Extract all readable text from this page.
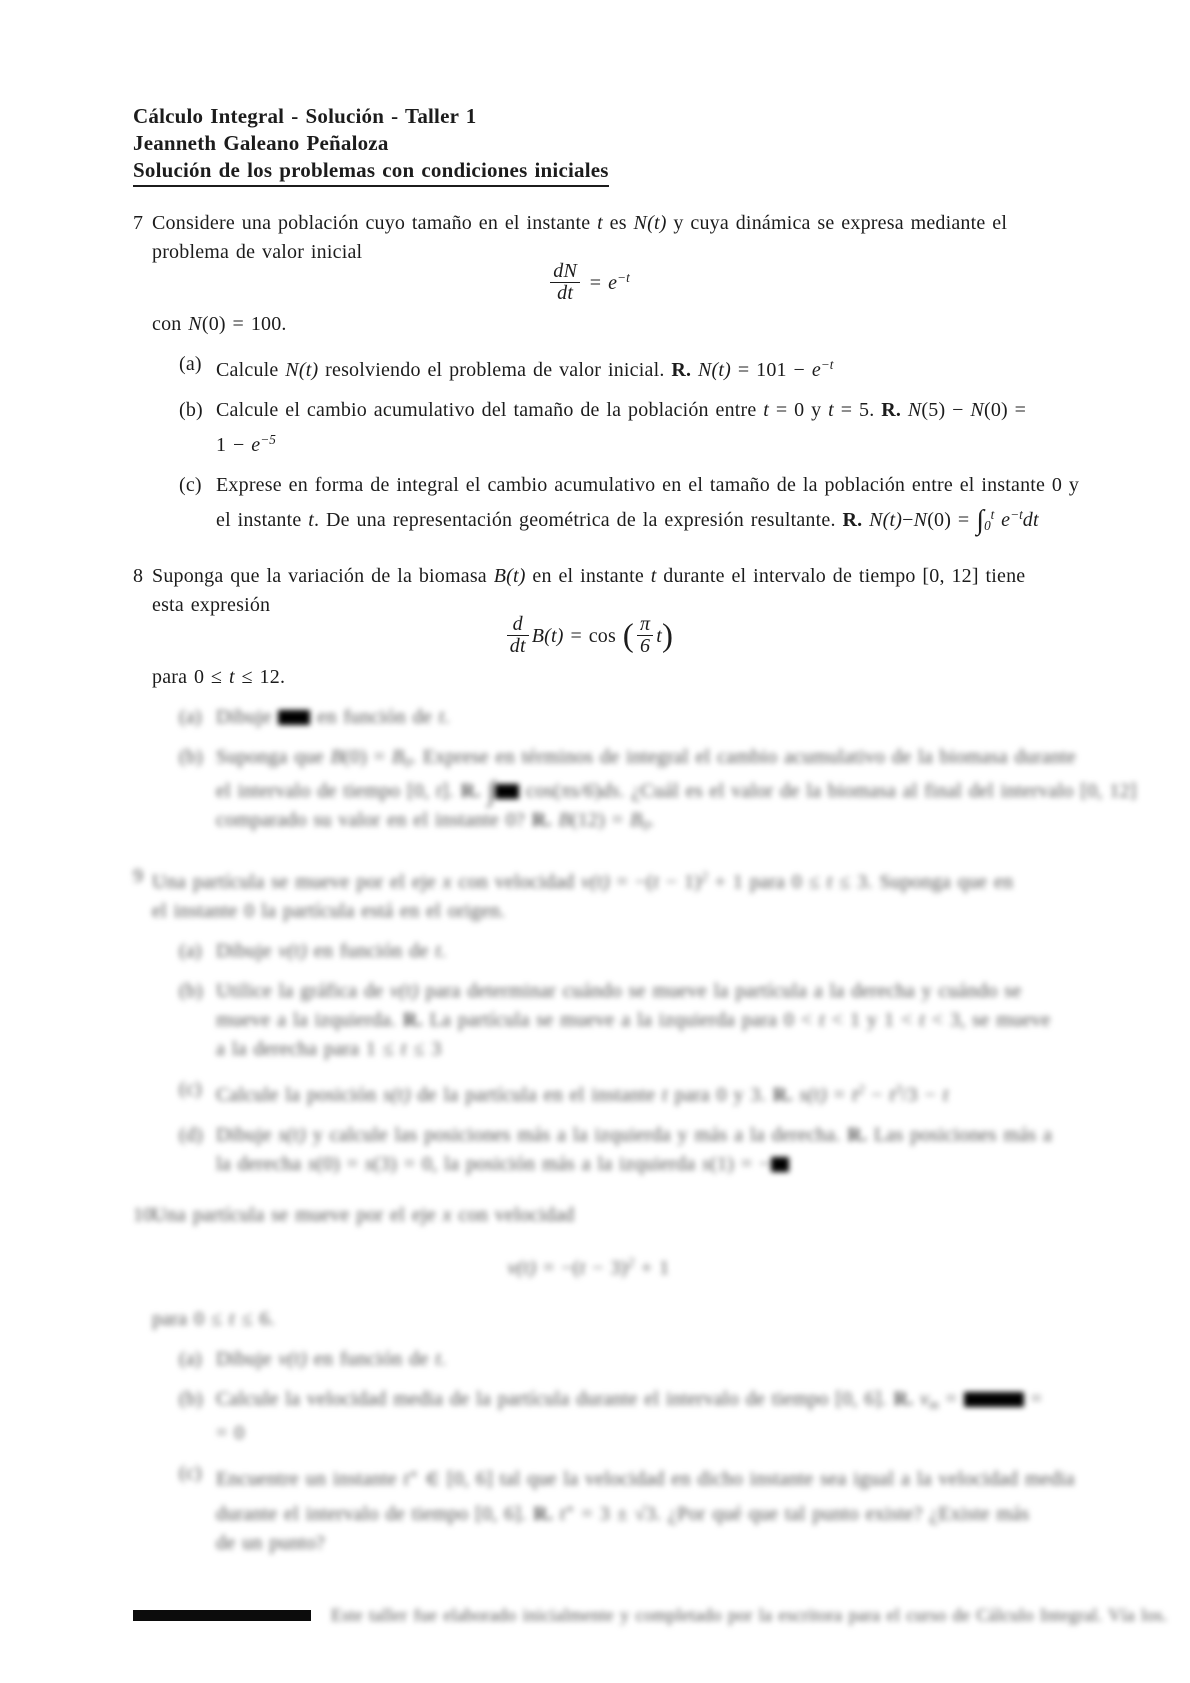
Cálculo Integral - Solución - Taller 1
Jeanneth Galeano Peñaloza
Solución de los problemas con condiciones iniciales
7 Considere una población cuyo tamaño en el instante t es N(t) y cuya dinámica se expresa mediante el
problema de valor inicial
$\frac{dN}{dt} = e^{-t}$
con N(0) = 100.
(a) Calcule N(t) resolviendo el problema de valor inicial. R. $N(t) = 101 - e^{-t}$
(b) Calcule el cambio acumulativo del tamaño de la población entre t = 0 y t = 5. R. N(5) − N(0) =
$1 - e^{-5}$
(c) Exprese en forma de integral el cambio acumulativo en el tamaño de la población entre el instante 0 y
el instante t. De una representación geométrica de la expresión resultante. R. $N(t)-N(0) = \int_0^t$ $e^{-t}dt$
8 Suponga que la variación de la biomasa B(t) en el instante t durante el intervalo de tiempo [0, 12] tiene
esta expresión
$\frac{d}{dt} B(t) = \cos$ ( $\frac{\pi}{6} t$)
para 0 ≤ t ≤ 12.
(a) Dibuje  en función de t.
(b) Suponga que $B(0) = B_0$. Exprese en términos de integral el cambio acumulativo de la biomasa durante
el intervalo de tiempo [0, t]. R. ∫ cos(πs/6)ds. ¿Cuál es el valor de la biomasa al final del intervalo [0, 12]
comparado su valor en el instante 0? R. $B(12) = B_0$.
9 Una partícula se mueve por el eje x con velocidad $v(t) = -(t - 1)^2 + 1$ para 0 ≤ t ≤ 3. Suponga que en
el instante 0 la partícula está en el origen.
(a) Dibuje v(t) en función de t.
(b) Utilice la gráfica de v(t) para determinar cuándo se mueve la partícula a la derecha y cuándo se
mueve a la izquierda. R. La partícula se mueve a la izquierda para 0 < t < 1 y 1 < t < 3, se mueve
a la derecha para 1 ≤ t ≤ 3
(c) Calcule la posición s(t) de la partícula en el instante t para 0 y 3. R. $s(t) = t^2 - t^3/3 - t$
(d) Dibuje s(t) y calcule las posiciones más a la izquierda y más a la derecha. R. Las posiciones más a
la derecha s(0) = s(3) = 0, la posición más a la izquierda s(1) = −
10
Una partícula se mueve por el eje x con velocidad
$v(t) = -(t - 3)^2 + 1$
para 0 ≤ t ≤ 6.
(a) Dibuje v(t) en función de t.
(b) Calcule la velocidad media de la partícula durante el intervalo de tiempo [0, 6]. R. $v_m$ =	=
= 0
(c) Encuentre un instante t∗ ∈ [0, 6] tal que la velocidad en dicho instante sea igual a la velocidad media
durante el intervalo de tiempo [0, 6]. R. t∗ = 3 ± √3. ¿Por qué que tal punto existe? ¿Existe más
de un punto?
Este taller fue elaborado inicialmente y completado por la escritora para el curso de Cálculo Integral. Vía los.
